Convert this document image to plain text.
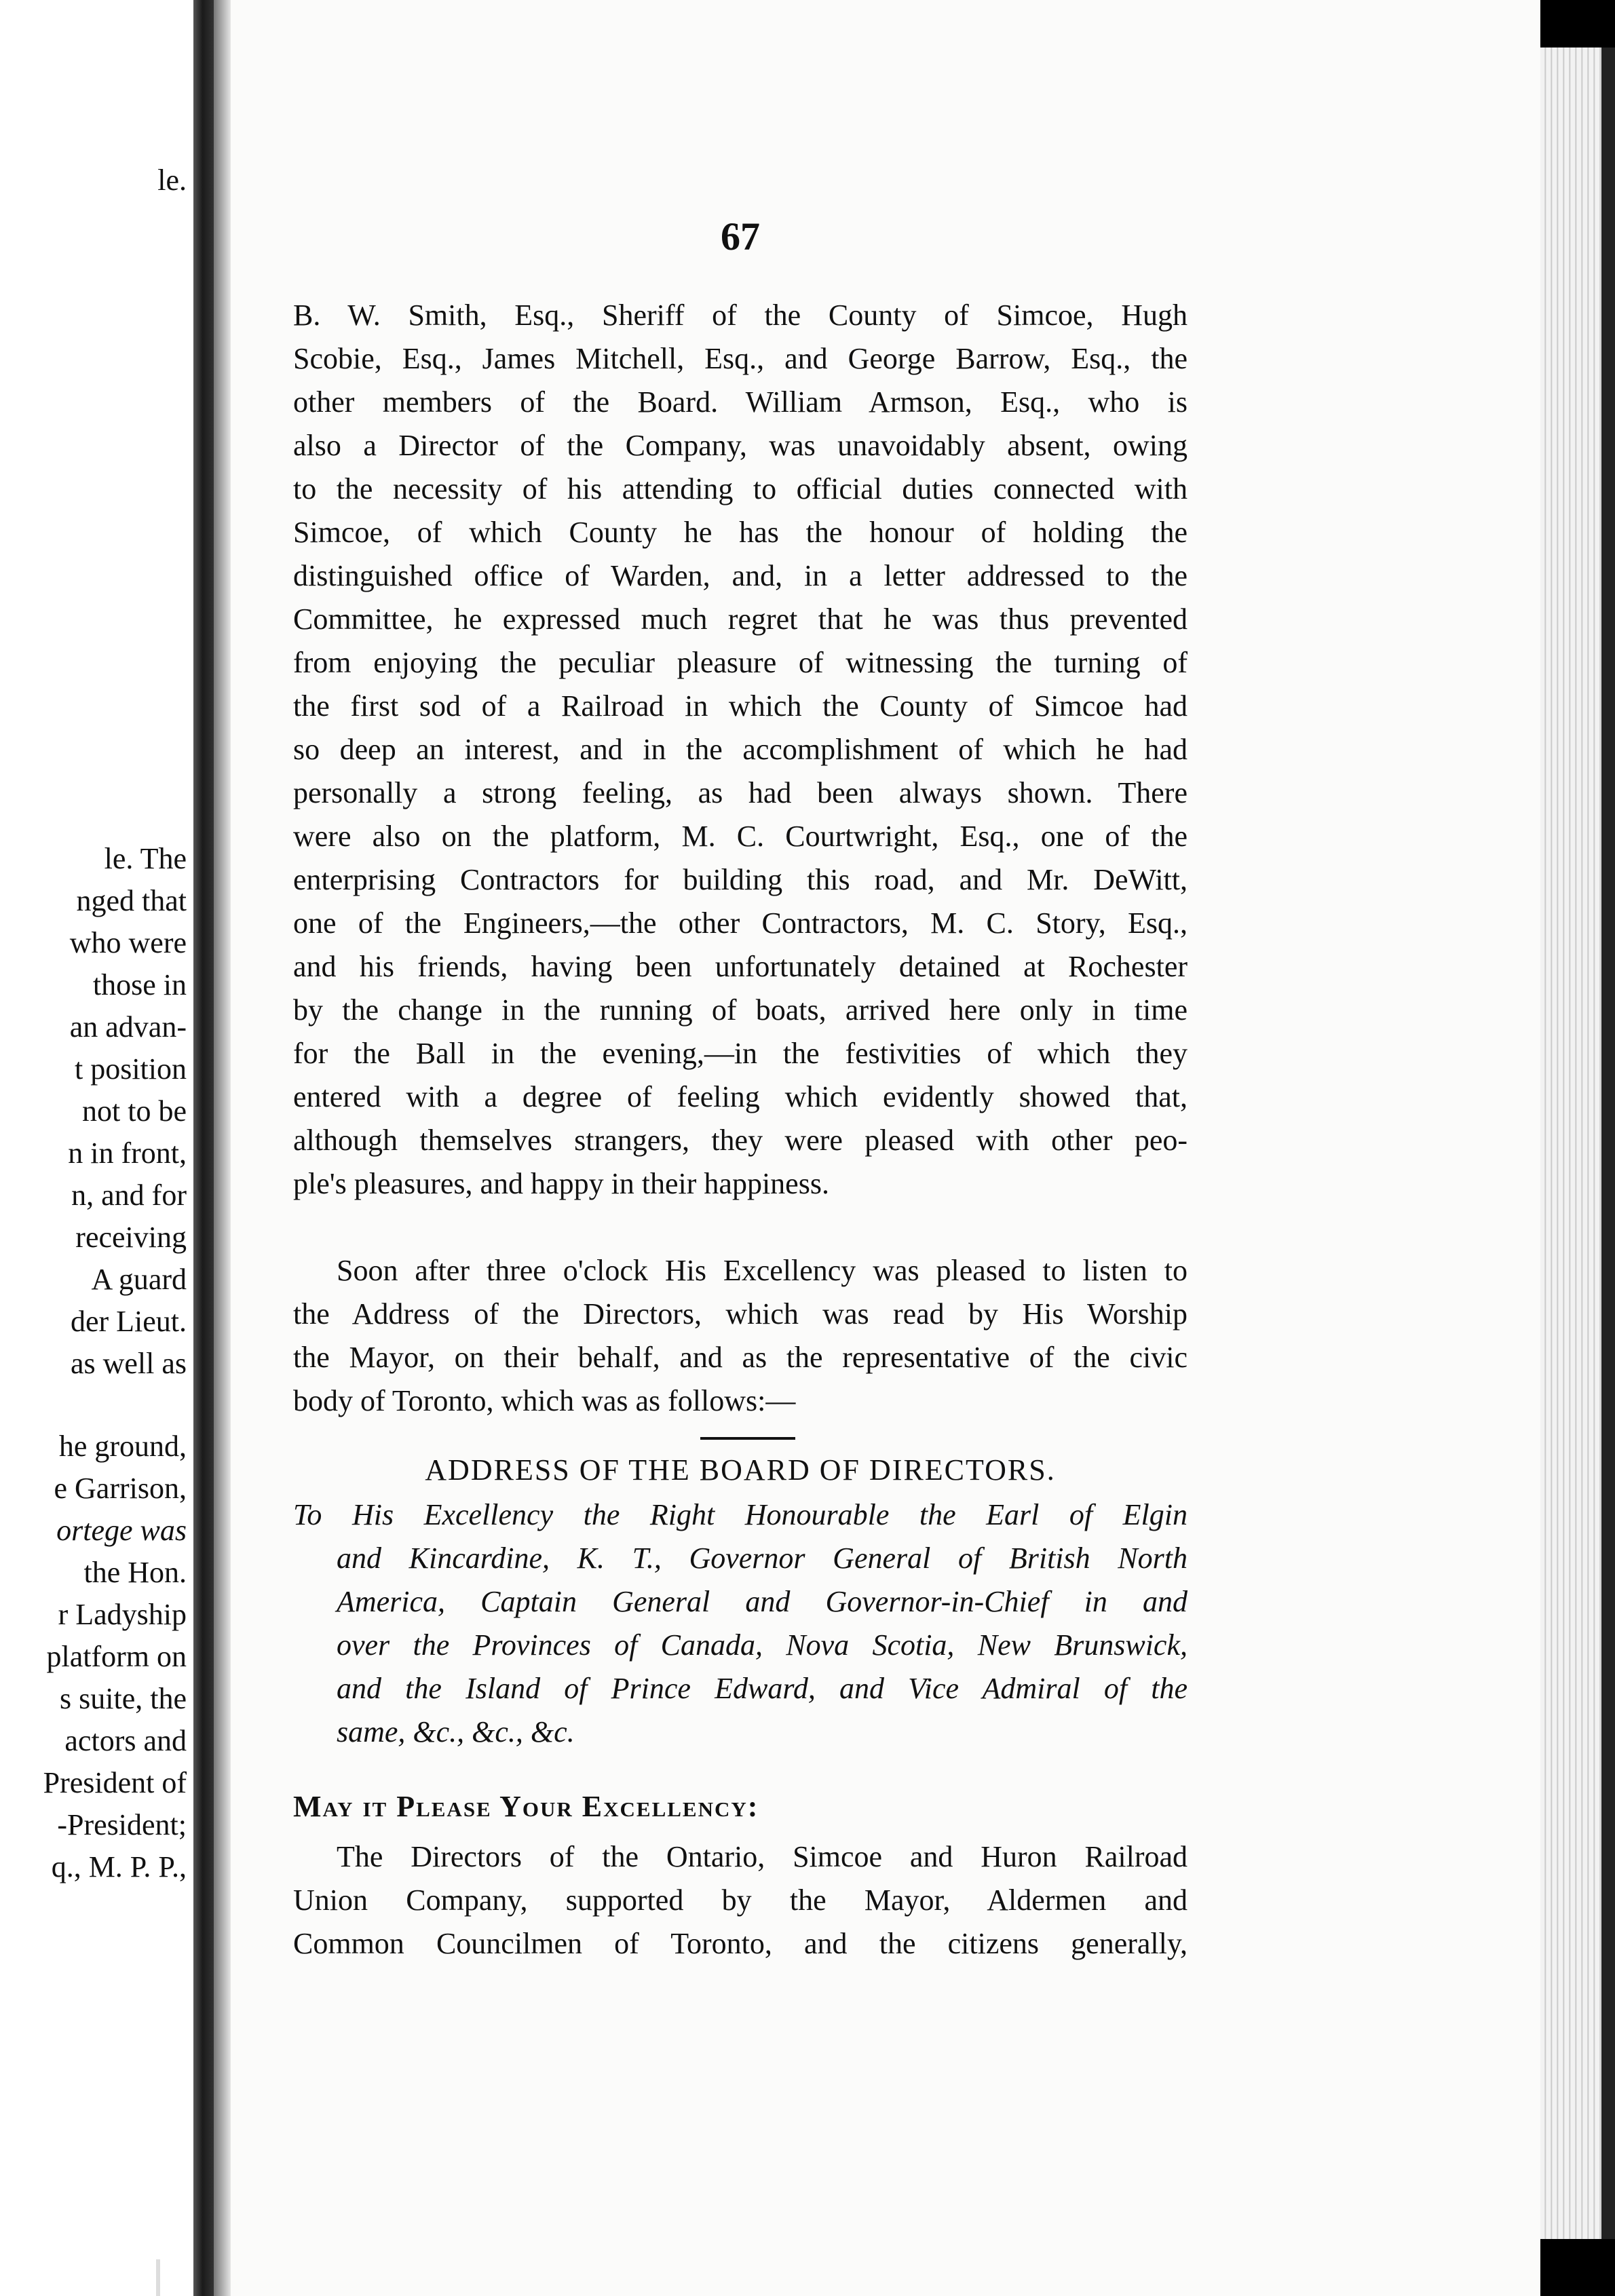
le.
le. The
nged that
who were
those in
an advan-
t position
not to be
n in front,
n, and for
receiving
A guard
der Lieut.
as well as
he ground,
e Garrison,
ortege was
the Hon.
r Ladyship
platform on
s suite, the
actors and
President of
-President;
q., M. P. P.,
67
B. W. Smith, Esq., Sheriff of the County of Simcoe, Hugh
Scobie, Esq., James Mitchell, Esq., and George Barrow, Esq., the
other members of the Board. William Armson, Esq., who is
also a Director of the Company, was unavoidably absent, owing
to the necessity of his attending to official duties connected with
Simcoe, of which County he has the honour of holding the
distinguished office of Warden, and, in a letter addressed to the
Committee, he expressed much regret that he was thus prevented
from enjoying the peculiar pleasure of witnessing the turning of
the first sod of a Railroad in which the County of Simcoe had
so deep an interest, and in the accomplishment of which he had
personally a strong feeling, as had been always shown. There
were also on the platform, M. C. Courtwright, Esq., one of the
enterprising Contractors for building this road, and Mr. DeWitt,
one of the Engineers,—the other Contractors, M. C. Story, Esq.,
and his friends, having been unfortunately detained at Rochester
by the change in the running of boats, arrived here only in time
for the Ball in the evening,—in the festivities of which they
entered with a degree of feeling which evidently showed that,
although themselves strangers, they were pleased with other peo-
ple's pleasures, and happy in their happiness.
Soon after three o'clock His Excellency was pleased to listen to
the Address of the Directors, which was read by His Worship
the Mayor, on their behalf, and as the representative of the civic
body of Toronto, which was as follows:—
ADDRESS OF THE BOARD OF DIRECTORS.
To His Excellency the Right Honourable the Earl of Elgin
and Kincardine, K. T., Governor General of British North
America, Captain General and Governor-in-Chief in and
over the Provinces of Canada, Nova Scotia, New Brunswick,
and the Island of Prince Edward, and Vice Admiral of the
same, &c., &c., &c.
May it Please Your Excellency:
The Directors of the Ontario, Simcoe and Huron Railroad
Union Company, supported by the Mayor, Aldermen and
Common Councilmen of Toronto, and the citizens generally,
